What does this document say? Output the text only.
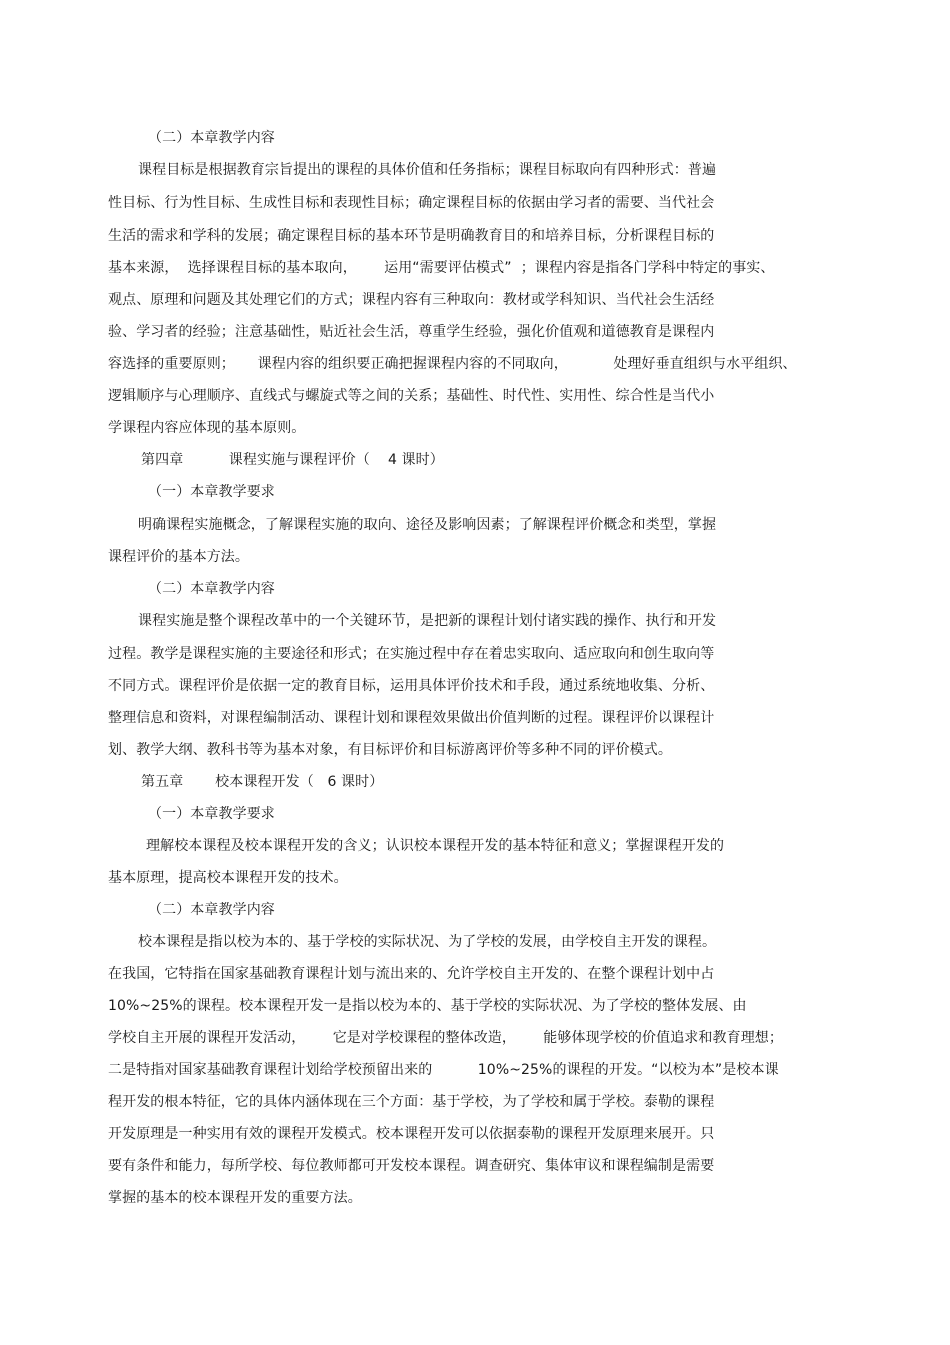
（二）本章教学内容
课程目标是根据教育宗旨提出的课程的具体价值和任务指标；课程目标取向有四种形式：普遍
性目标、行为性目标、生成性目标和表现性目标；确定课程目标的依据由学习者的需要、当代社会
生活的需求和学科的发展；确定课程目标的基本环节是明确教育目的和培养目标，分析课程目标的
基本来源，  选择课程目标的基本取向，      运用“需要评估模式”  ；课程内容是指各门学科中特定的事实、
观点、原理和问题及其处理它们的方式；课程内容有三种取向：教材或学科知识、当代社会生活经
验、学习者的经验；注意基础性，贴近社会生活，尊重学生经验，强化价值观和道德教育是课程内
容选择的重要原则；     课程内容的组织要正确把握课程内容的不同取向，          处理好垂直组织与水平组织、
逻辑顺序与心理顺序、直线式与螺旋式等之间的关系；基础性、时代性、实用性、综合性是当代小
学课程内容应体现的基本原则。
第四章          课程实施与课程评价（    4 课时）
（一）本章教学要求
明确课程实施概念，了解课程实施的取向、途径及影响因素；了解课程评价概念和类型，掌握
课程评价的基本方法。
（二）本章教学内容
课程实施是整个课程改革中的一个关键环节，是把新的课程计划付诸实践的操作、执行和开发
过程。教学是课程实施的主要途径和形式；在实施过程中存在着忠实取向、适应取向和创生取向等
不同方式。课程评价是依据一定的教育目标，运用具体评价技术和手段，通过系统地收集、分析、
整理信息和资料，对课程编制活动、课程计划和课程效果做出价值判断的过程。课程评价以课程计
划、教学大纲、教科书等为基本对象，有目标评价和目标游离评价等多种不同的评价模式。
第五章       校本课程开发（   6 课时）
（一）本章教学要求
理解校本课程及校本课程开发的含义；认识校本课程开发的基本特征和意义；掌握课程开发的
基本原理，提高校本课程开发的技术。
（二）本章教学内容
校本课程是指以校为本的、基于学校的实际状况、为了学校的发展，由学校自主开发的课程。
在我国，它特指在国家基础教育课程计划与流出来的、允许学校自主开发的、在整个课程计划中占
10%~25%的课程。校本课程开发一是指以校为本的、基于学校的实际状况、为了学校的整体发展、由
学校自主开展的课程开发活动，      它是对学校课程的整体改造，      能够体现学校的价值追求和教育理想；
二是特指对国家基础教育课程计划给学校预留出来的          10%~25%的课程的开发。“以校为本”是校本课
程开发的根本特征，它的具体内涵体现在三个方面：基于学校，为了学校和属于学校。泰勒的课程
开发原理是一种实用有效的课程开发模式。校本课程开发可以依据泰勒的课程开发原理来展开。只
要有条件和能力，每所学校、每位教师都可开发校本课程。调查研究、集体审议和课程编制是需要
掌握的基本的校本课程开发的重要方法。
